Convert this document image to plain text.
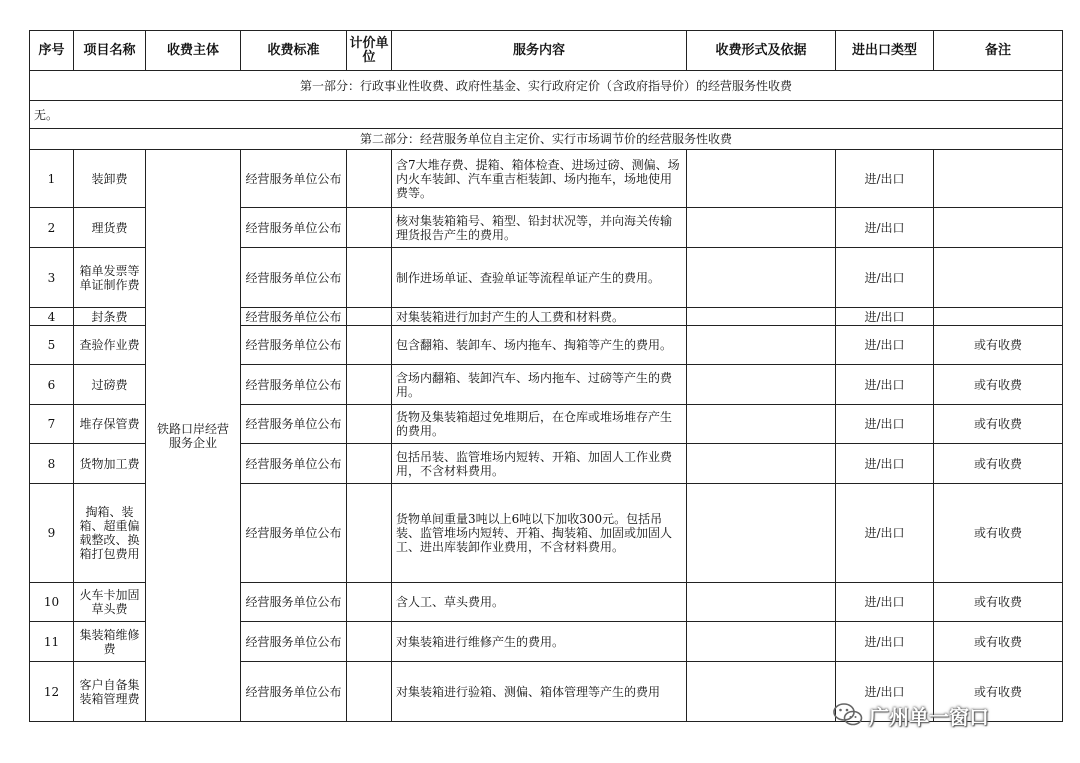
序号	项目名称	收费主体	收费标准	计价单位	服务内容	收费形式及依据	进出口类型	备注
第一部分：行政事业性收费、政府性基金、实行政府定价（含政府指导价）的经营服务性收费								
无。								
第二部分：经营服务单位自主定价、实行市场调节价的经营服务性收费								
1	装卸费	铁路口岸经营服务企业	经营服务单位公布		含7大堆存费、提箱、箱体检查、进场过磅、测偏、场内火车装卸、汽车重吉柜装卸、场内拖车，场地使用费等。		进/出口	
2	理货费		经营服务单位公布		核对集装箱箱号、箱型、铅封状况等，并向海关传输理货报告产生的费用。		进/出口	
3	箱单发票等单证制作费		经营服务单位公布		制作进场单证、查验单证等流程单证产生的费用。		进/出口	
4	封条费		经营服务单位公布		对集装箱进行加封产生的人工费和材料费。		进/出口	
5	查验作业费		经营服务单位公布		包含翻箱、装卸车、场内拖车、掏箱等产生的费用。		进/出口	或有收费
6	过磅费		经营服务单位公布		含场内翻箱、装卸汽车、场内拖车、过磅等产生的费用。		进/出口	或有收费
7	堆存保管费		经营服务单位公布		货物及集装箱超过免堆期后，在仓库或堆场堆存产生的费用。		进/出口	或有收费
8	货物加工费		经营服务单位公布		包括吊装、监管堆场内短转、开箱、加固人工作业费用，不含材料费用。		进/出口	或有收费
9	掏箱、装箱、超重偏载整改、换箱打包费用		经营服务单位公布		货物单间重量3吨以上6吨以下加收300元。包括吊装、监管堆场内短转、开箱、掏装箱、加固或加固人工、进出库装卸作业费用，不含材料费用。		进/出口	或有收费
10	火车卡加固草头费		经营服务单位公布		含人工、草头费用。		进/出口	或有收费
11	集装箱维修费		经营服务单位公布		对集装箱进行维修产生的费用。		进/出口	或有收费
12	客户自备集装箱管理费		经营服务单位公布		对集装箱进行验箱、测偏、箱体管理等产生的费用		进/出口	或有收费
广州单一窗口
